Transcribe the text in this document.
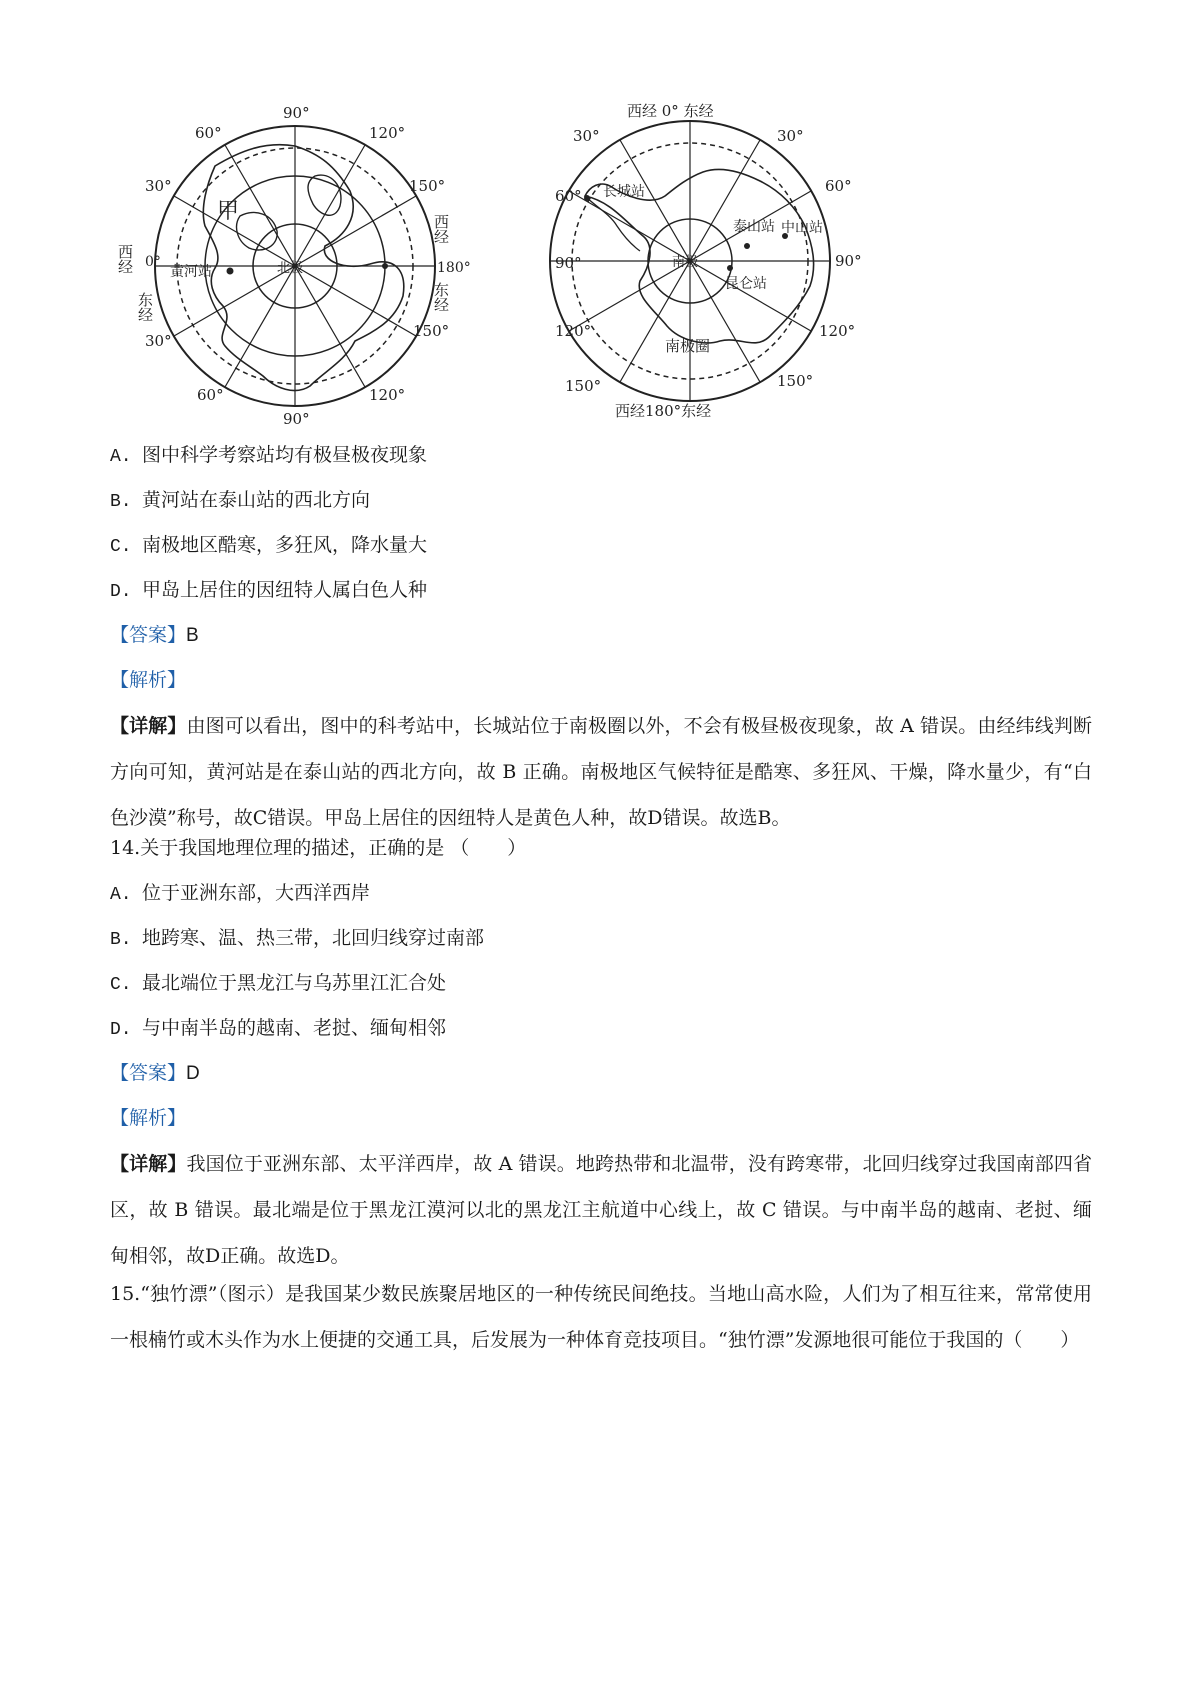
90°
90°
60°	120°
30°	150°
30°
150°
60°	120°
西经 0°
东经
西经
180°
东经
北极
甲
黄河站
西经 0° 东经
西经180°东经
30°	30°
60°
60°
90°	90°
120°	120°
150°	150°
长城站
泰山站 中山站
昆仑站
南极
南极圈
A. 图中科学考察站均有极昼极夜现象
B. 黄河站在泰山站的西北方向
C. 南极地区酷寒，多狂风，降水量大
D. 甲岛上居住的因纽特人属白色人种
【答案】B
【解析】
【详解】由图可以看出，图中的科考站中，长城站位于南极圈以外，不会有极昼极夜现象，故 A 错误。由经纬线判断方向可知，黄河站是在泰山站的西北方向，故 B 正确。南极地区气候特征是酷寒、多狂风、干燥，降水量少，有“白色沙漠”称号，故C错误。甲岛上居住的因纽特人是黄色人种，故D错误。故选B。
14.关于我国地理位理的描述，正确的是 （　　）
A. 位于亚洲东部，大西洋西岸
B. 地跨寒、温、热三带，北回归线穿过南部
C. 最北端位于黑龙江与乌苏里江汇合处
D. 与中南半岛的越南、老挝、缅甸相邻
【答案】D
【解析】
【详解】我国位于亚洲东部、太平洋西岸，故 A 错误。地跨热带和北温带，没有跨寒带，北回归线穿过我国南部四省区，故 B 错误。最北端是位于黑龙江漠河以北的黑龙江主航道中心线上，故 C 错误。与中南半岛的越南、老挝、缅甸相邻，故D正确。故选D。
15.“独竹漂”（图示）是我国某少数民族聚居地区的一种传统民间绝技。当地山高水险，人们为了相互往来，常常使用一根楠竹或木头作为水上便捷的交通工具，后发展为一种体育竞技项目。“独竹漂”发源地很可能位于我国的（　　）
